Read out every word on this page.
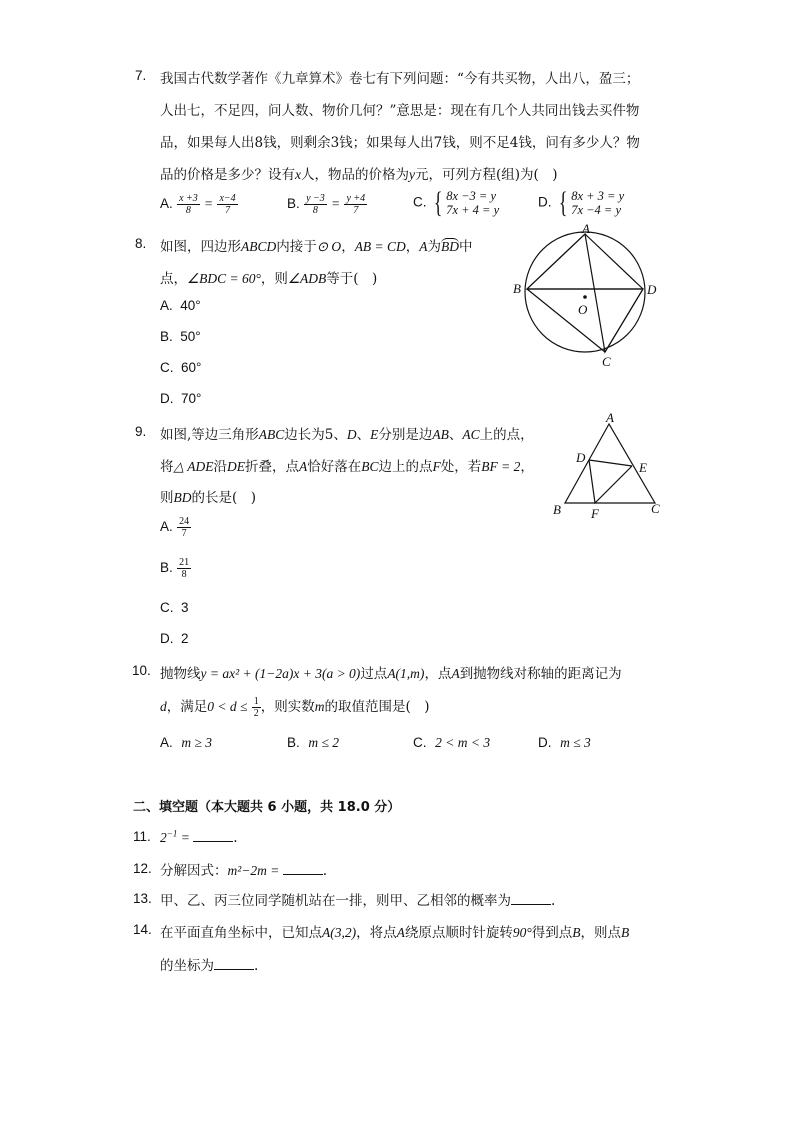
7. 我国古代数学著作《九章算术》卷七有下列问题：“今有共买物，人出八，盈三；
人出七，不足四，问人数、物价几何？”意思是：现在有几个人共同出钱去买件物
品，如果每人出8钱，则剩余3钱；如果每人出7钱，则不足4钱，问有多少人？物
品的价格是多少？设有x人，物品的价格为y元，可列方程(组)为(　)
A. $\frac{x +3}{8} = \frac{x-4}{7}$	B. $\frac{y -3}{8} = \frac{y +4}{7}$	C. { 8x −3 = y
7x + 4 = y
D. { 8x + 3 = y
7x −4 = y
8. 如图，四边形ABCD内接于⊙ O，AB = CD，A为BD中
点，∠BDC = 60°，则∠ADB等于(　)
A. 40°
B. 50°
C. 60°
D. 70°
A
B
C
D
O
9. 如图,等边三角形ABC边长为5、D、E分别是边AB、AC上的点，
将△ ADE沿DE折叠，点A恰好落在BC边上的点F处，若BF = 2，
则BD的长是(　)
A. $\frac{24}{7}$
B. $\frac{21}{8}$
C. 3
D. 2
A
B	C
D
E
F
10. 抛物线y = ax² + (1−2a)x + 3(a > 0)过点A(1,m)，点A到抛物线对称轴的距离记为
d，满足$0 < d \le \frac{1}{2}$ ，则实数m的取值范围是(　)
A. m ≥ 3	B. m ≤ 2	C. 2 < m < 3	D. m ≤ 3
二、填空题（本大题共 6 小题，共 18.0 分）
11. $2^{-1}$ =	.
12. 分解因式：m²−2m =	.
13. 甲、乙、丙三位同学随机站在一排，则甲、乙相邻的概率为	.
14. 在平面直角坐标中，已知点A(3,2)，将点A绕原点顺时针旋转90°得到点B，则点B
的坐标为	.
